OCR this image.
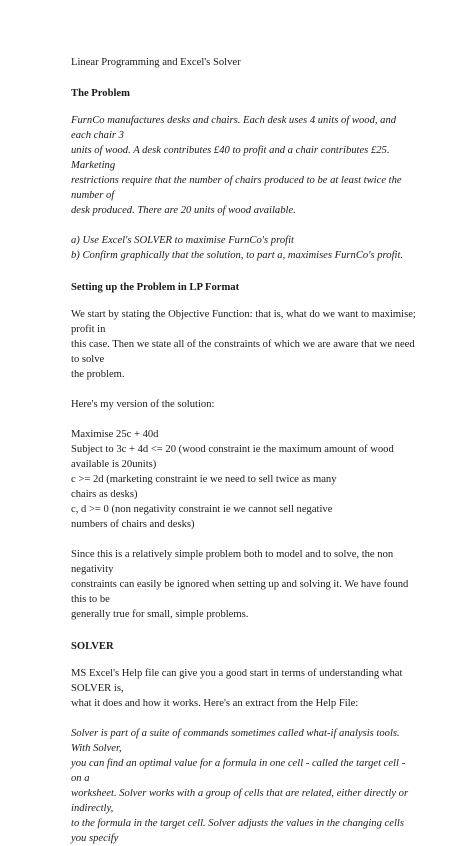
Linear Programming and Excel's Solver

The Problem

FurnCo manufactures desks and chairs. Each desk uses 4 units of wood, and each chair 3

units of wood. A desk contributes £40 to profit and a chair contributes £25. Marketing

restrictions require that the number of chairs produced to be at least twice the number of

desk produced. There are 20 units of wood available.

a) Use Excel's SOLVER to maximise FurnCo's profit

b) Confirm graphically that the solution, to part a, maximises FurnCo's profit.

Setting up the Problem in LP Format

We start by stating the Objective Function: that is, what do we want to maximise; profit in

this case. Then we state all of the constraints of which we are aware that we need to solve

the problem.

Here's my version of the solution:

Maximise 25c + 40d

Subject to 3c + 4d <= 20 (wood constraint ie the maximum amount of wood

available is 20units)

c >= 2d (marketing constraint ie we need to sell twice as many

chairs as desks)

c, d >= 0 (non negativity constraint ie we cannot sell negative

numbers of chairs and desks)

Since this is a relatively simple problem both to model and to solve, the non negativity

constraints can easily be ignored when setting up and solving it. We have found this to be

generally true for small, simple problems.

SOLVER

MS Excel's Help file can give you a good start in terms of understanding what SOLVER is,

what it does and how it works. Here's an extract from the Help File:

Solver is part of a suite of commands sometimes called what-if analysis tools. With Solver,

you can find an optimal value for a formula in one cell - called the target cell - on a

worksheet. Solver works with a group of cells that are related, either directly or indirectly,

to the formula in the target cell. Solver adjusts the values in the changing cells you specify
